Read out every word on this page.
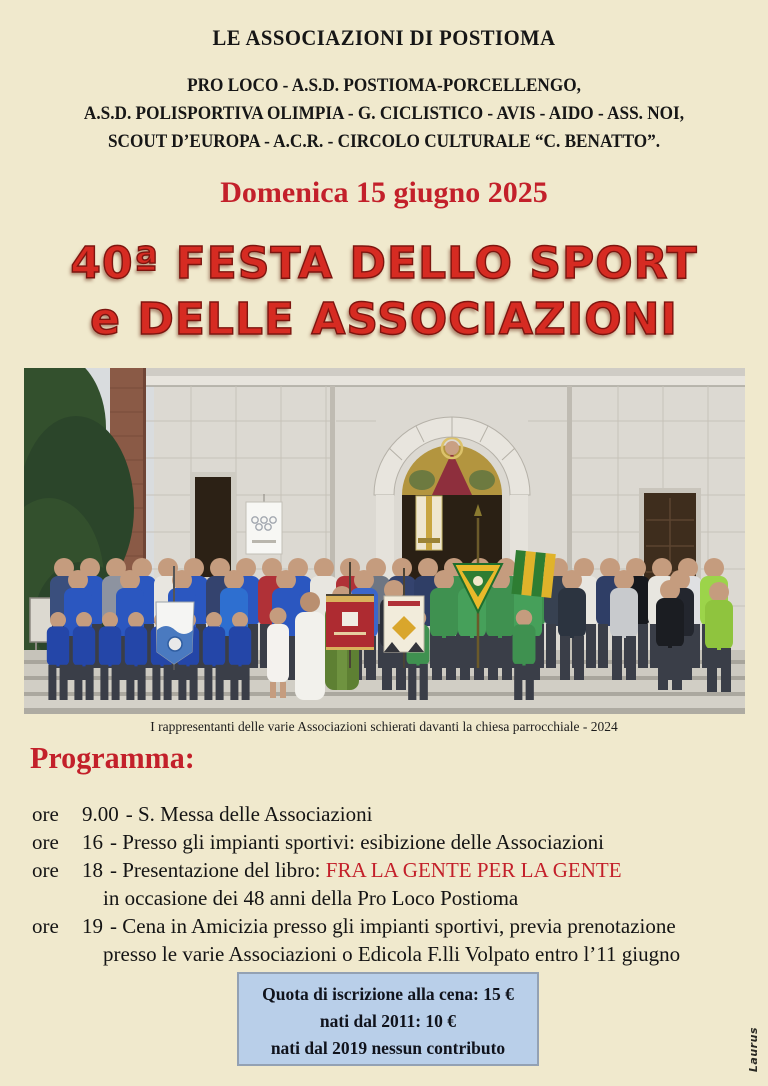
LE ASSOCIAZIONI DI POSTIOMA
PRO LOCO - A.S.D. POSTIOMA-PORCELLENGO,
A.S.D. POLISPORTIVA OLIMPIA - G. CICLISTICO - AVIS - AIDO - ASS. NOI,
SCOUT D’EUROPA - A.C.R. - CIRCOLO CULTURALE “C. BENATTO”.
Domenica 15 giugno 2025
40ª FESTA DELLO SPORT
e DELLE ASSOCIAZIONI
I rappresentanti delle varie Associazioni schierati davanti la chiesa parrocchiale - 2024
Programma:
ore 9.00 - S. Messa delle Associazioni
ore 16 - Presso gli impianti sportivi: esibizione delle Associazioni
ore 18 - Presentazione del libro: FRA LA GENTE PER LA GENTE
in occasione dei 48 anni della Pro Loco Postioma
ore 19 - Cena in Amicizia presso gli impianti sportivi, previa prenotazione
presso le varie Associazioni o Edicola F.lli Volpato entro l’11 giugno
Quota di iscrizione alla cena: 15 €
nati dal 2011: 10 €
nati dal 2019 nessun contributo	Laurus
